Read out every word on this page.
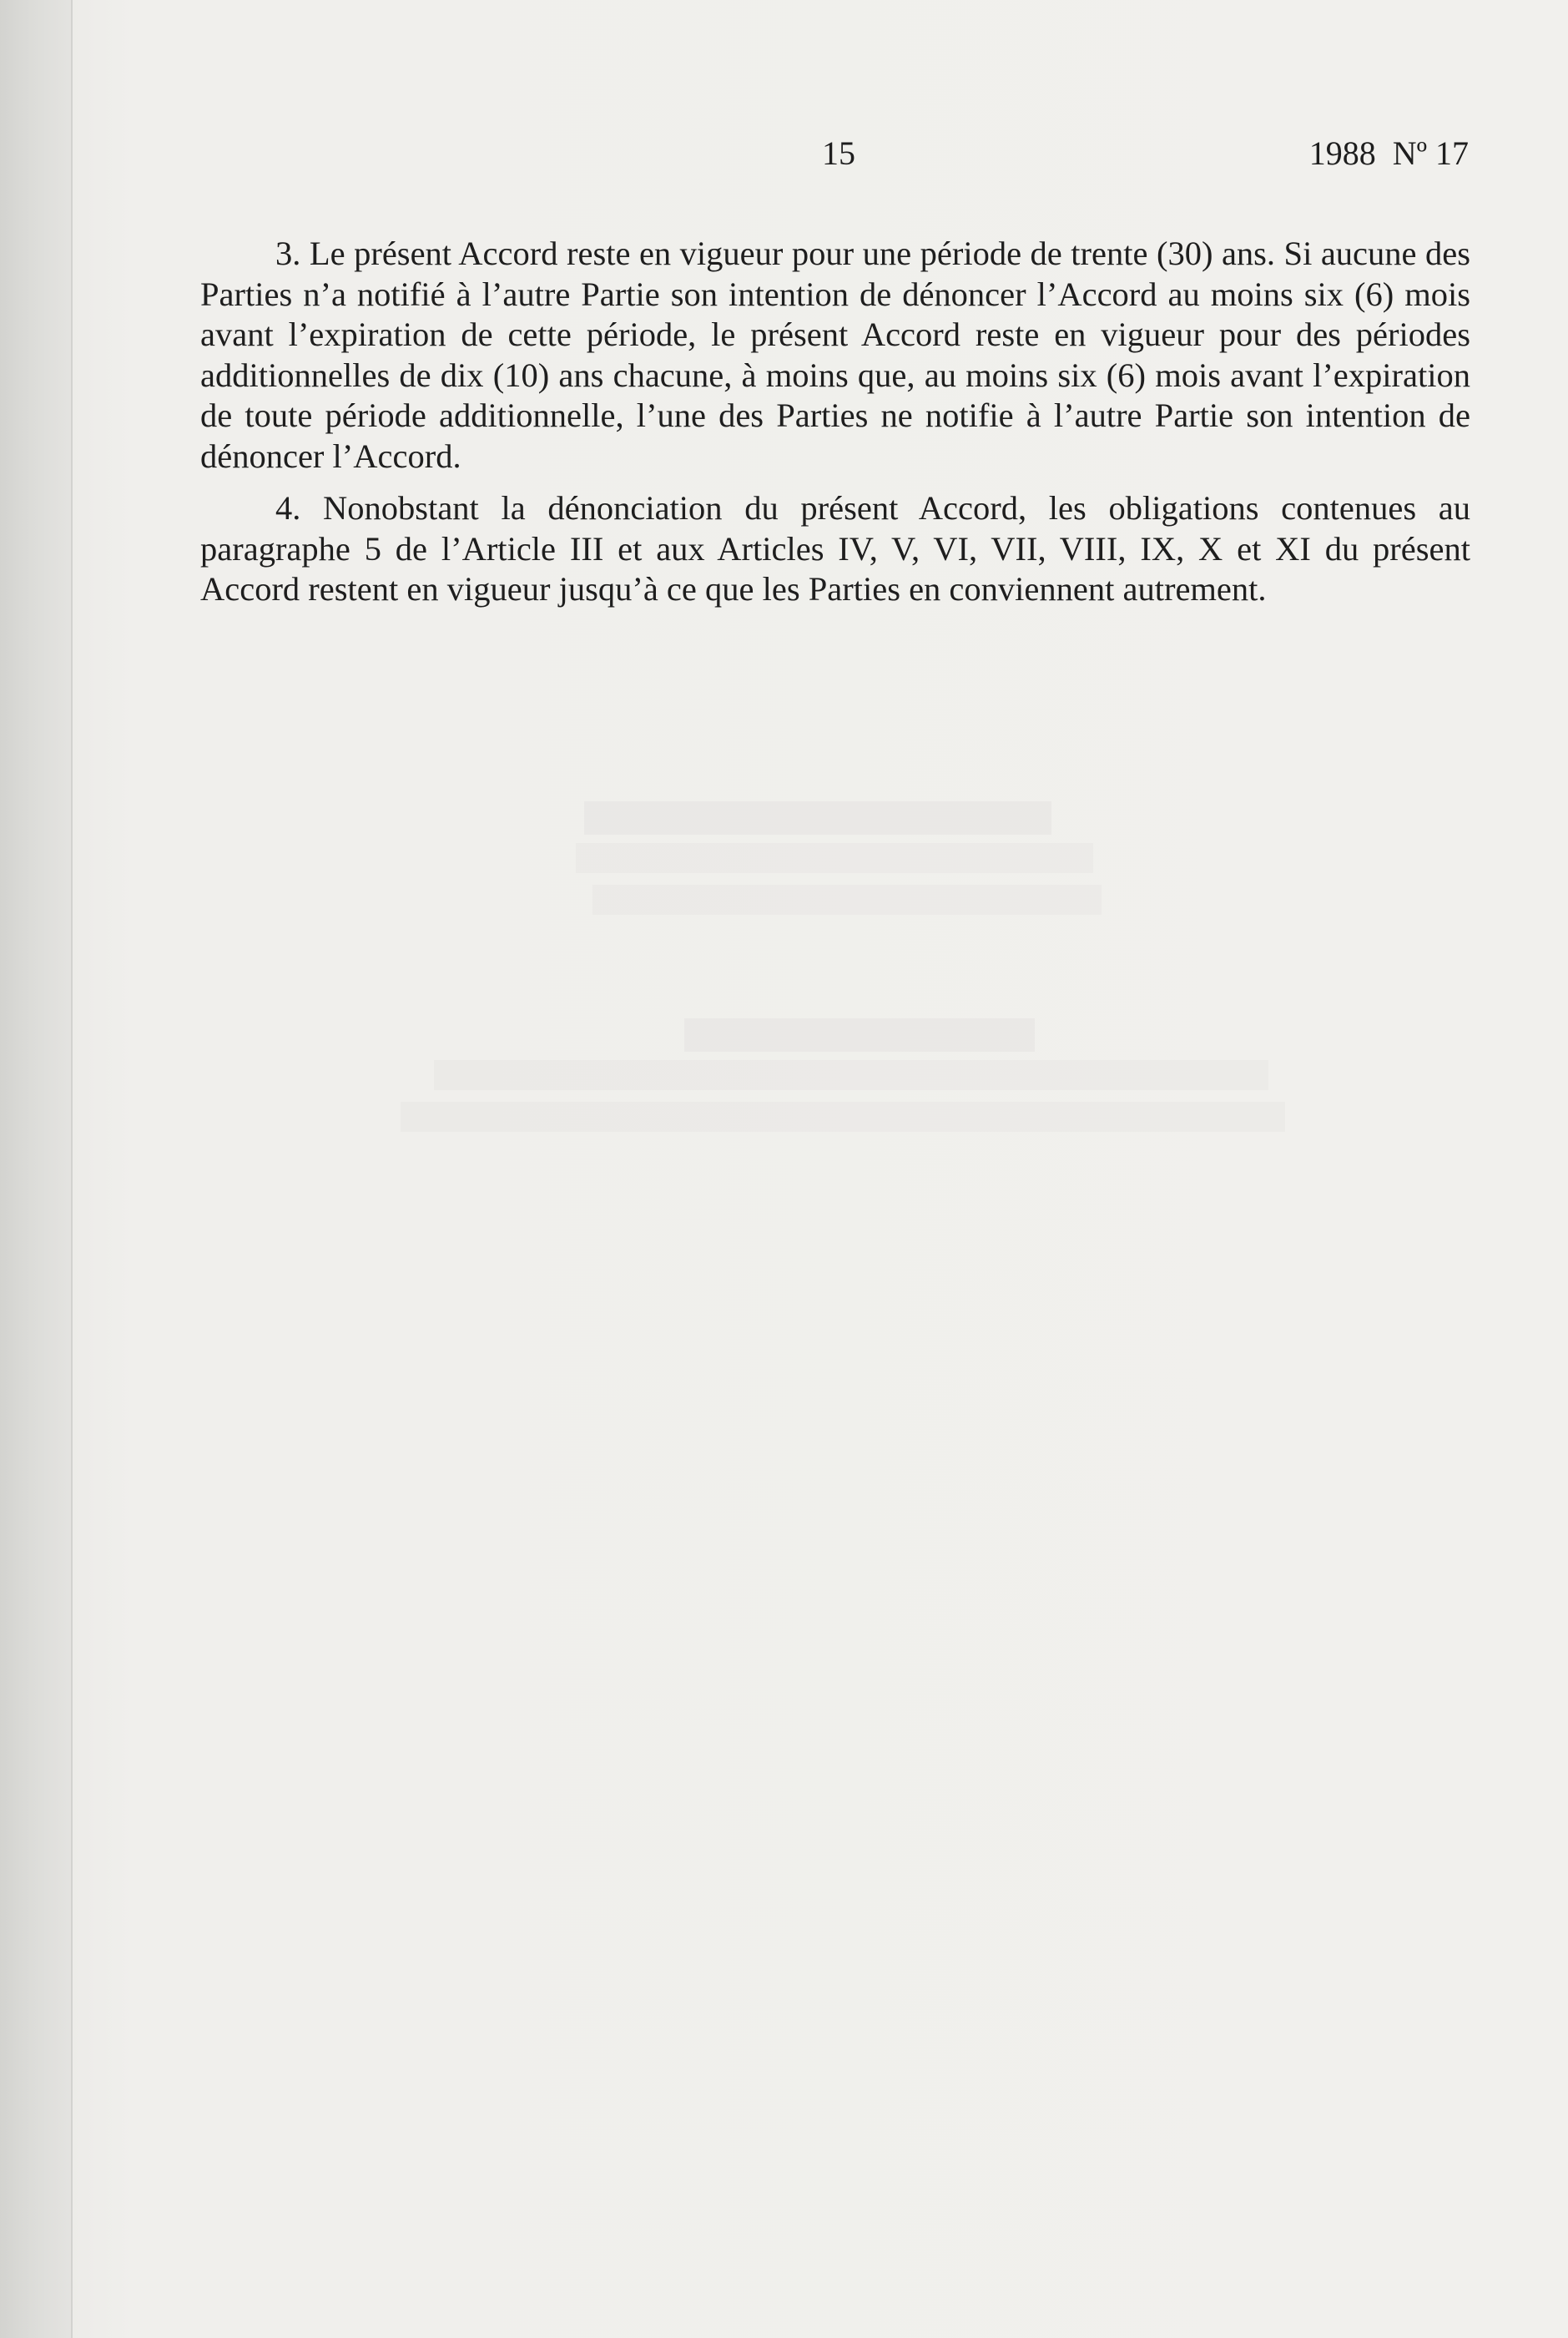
15	1988  Nº 17

3. Le présent Accord reste en vigueur pour une période de trente (30) ans. Si aucune des Parties n’a notifié à l’autre Partie son intention de dénoncer l’Accord au moins six (6) mois avant l’expiration de cette période, le présent Accord reste en vigueur pour des périodes additionnelles de dix (10) ans chacune, à moins que, au moins six (6) mois avant l’expiration de toute période additionnelle, l’une des Parties ne notifie à l’autre Partie son intention de dénoncer l’Accord.

4. Nonobstant la dénonciation du présent Accord, les obligations contenues au paragraphe 5 de l’Article III et aux Articles IV, V, VI, VII, VIII, IX, X et XI du présent Accord restent en vigueur jusqu’à ce que les Parties en conviennent autrement.
